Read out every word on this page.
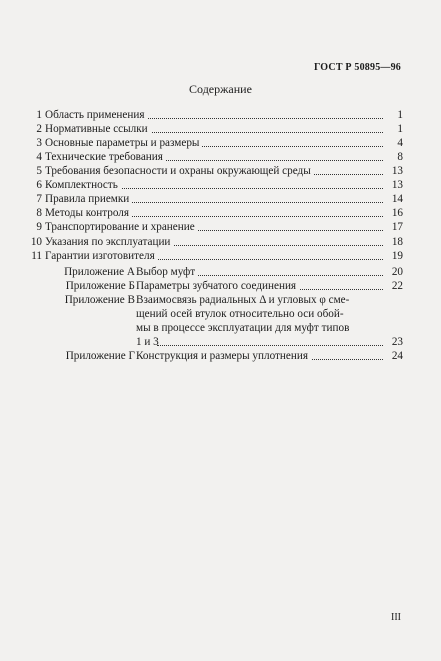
ГОСТ Р 50895—96
Содержание
1 Область применения	1
2 Нормативные ссылки	1
3 Основные параметры и размеры	4
4 Технические требования	8
5 Требования безопасности и охраны окружающей среды	13
6 Комплектность	13
7 Правила приемки	14
8 Методы контроля	16
9 Транспортирование и хранение	17
10 Указания по эксплуатации	18
11 Гарантии изготовителя	19
Приложение А Выбор муфт	20
Приложение Б Параметры зубчатого соединения	22
Приложение В Взаимосвязь радиальных Δ и угловых φ сме-
щений осей втулок относительно оси обой-
мы в процессе эксплуатации для муфт типов
1 и 3	23
Приложение Г Конструкция и размеры уплотнения	24
III
